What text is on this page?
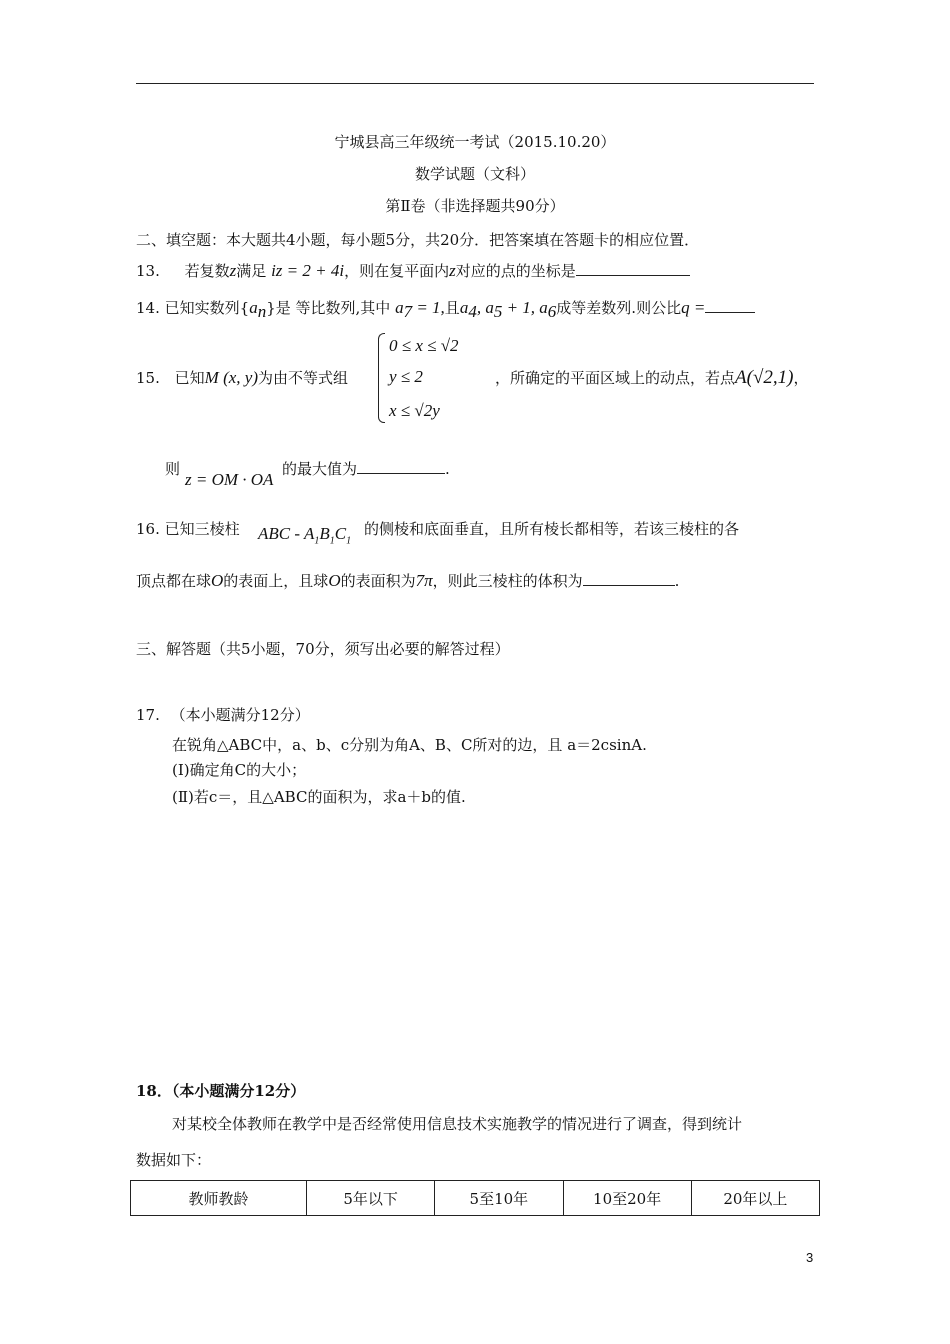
宁城县高三年级统一考试（2015.10.20）
数学试题（文科）
第Ⅱ卷（非选择题共90分）
二、填空题：本大题共4小题，每小题5分，共20分．把答案填在答题卡的相应位置．
13. 若复数z满足 iz = 2 + 4i，则在复平面内z对应的点的坐标是
14. 已知实数列$\{a_n\}$是 等比数列,其中 $a_7 = 1$,且$a_4$, $a_5 + 1$, $a_6$成等差数列.则公比q =
15. 已知M (x, y)为由不等式组
0 ≤ x ≤ √2
y ≤ 2
x ≤ √2y
，所确定的平面区域上的动点，若点A(√2,1)，
则
z = OM · OA
的最大值为	.
16. 已知三棱柱 ABC - $A_1B_1C_1$
的侧棱和底面垂直，且所有棱长都相等，若该三棱柱的各
顶点都在球O的表面上，且球O的表面积为7π，则此三棱柱的体积为	.
三、解答题（共5小题，70分，须写出必要的解答过程）
17. （本小题满分12分）
在锐角△ABC中，a、b、c分别为角A、B、C所对的边，且 a＝2csinA.
(Ⅰ)确定角C的大小；
(Ⅱ)若c＝，且△ABC的面积为，求a＋b的值.
18．（本小题满分12分）
对某校全体教师在教学中是否经常使用信息技术实施教学的情况进行了调查，得到统计
数据如下：
教师教龄	5年以下	5至10年	10至20年	20年以上
3
